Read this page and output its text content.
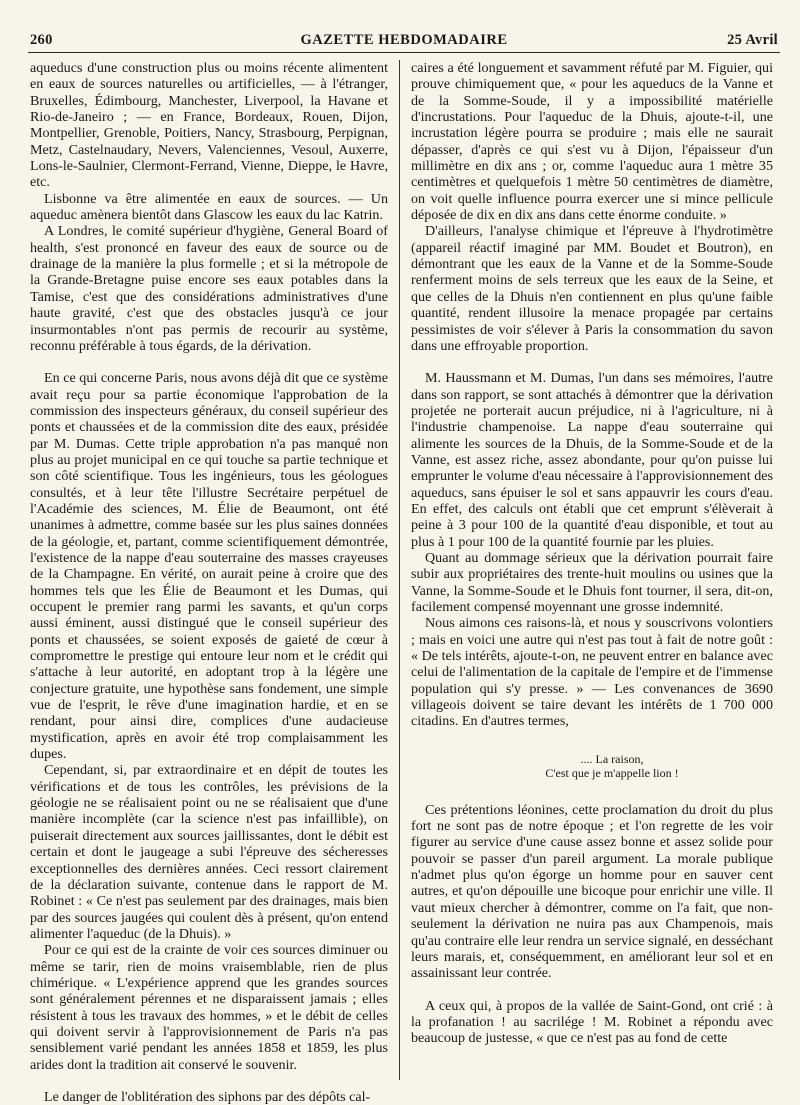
260	GAZETTE HEBDOMADAIRE	25 Avril

aqueducs d'une construction plus ou moins récente alimentent en eaux de sources naturelles ou artificielles, — à l'étranger, Bruxelles, Édimbourg, Manchester, Liverpool, la Havane et Rio-de-Janeiro ; — en France, Bordeaux, Rouen, Dijon, Montpellier, Grenoble, Poitiers, Nancy, Strasbourg, Perpignan, Metz, Castelnaudary, Nevers, Valenciennes, Vesoul, Auxerre, Lons-le-Saulnier, Clermont-Ferrand, Vienne, Dieppe, le Havre, etc.

Lisbonne va être alimentée en eaux de sources. — Un aqueduc amènera bientôt dans Glascow les eaux du lac Katrin.

A Londres, le comité supérieur d'hygiène, General Board of health, s'est prononcé en faveur des eaux de source ou de drainage de la manière la plus formelle ; et si la métropole de la Grande-Bretagne puise encore ses eaux potables dans la Tamise, c'est que des considérations administratives d'une haute gravité, c'est que des obstacles jusqu'à ce jour insurmontables n'ont pas permis de recourir au système, reconnu préférable à tous égards, de la dérivation.

En ce qui concerne Paris, nous avons déjà dit que ce système avait reçu pour sa partie économique l'approbation de la commission des inspecteurs généraux, du conseil supérieur des ponts et chaussées et de la commission dite des eaux, présidée par M. Dumas. Cette triple approbation n'a pas manqué non plus au projet municipal en ce qui touche sa partie technique et son côté scientifique. Tous les ingénieurs, tous les géologues consultés, et à leur tête l'illustre Secrétaire perpétuel de l'Académie des sciences, M. Élie de Beaumont, ont été unanimes à admettre, comme basée sur les plus saines données de la géologie, et, partant, comme scientifiquement démontrée, l'existence de la nappe d'eau souterraine des masses crayeuses de la Champagne. En vérité, on aurait peine à croire que des hommes tels que les Élie de Beaumont et les Dumas, qui occupent le premier rang parmi les savants, et qu'un corps aussi éminent, aussi distingué que le conseil supérieur des ponts et chaussées, se soient exposés de gaieté de cœur à compromettre le prestige qui entoure leur nom et le crédit qui s'attache à leur autorité, en adoptant trop à la légère une conjecture gratuite, une hypothèse sans fondement, une simple vue de l'esprit, le rêve d'une imagination hardie, et en se rendant, pour ainsi dire, complices d'une audacieuse mystification, après en avoir été trop complaisamment les dupes.

Cependant, si, par extraordinaire et en dépit de toutes les vérifications et de tous les contrôles, les prévisions de la géologie ne se réalisaient point ou ne se réalisaient que d'une manière incomplète (car la science n'est pas infaillible), on puiserait directement aux sources jaillissantes, dont le débit est certain et dont le jaugeage a subi l'épreuve des sécheresses exceptionnelles des dernières années. Ceci ressort clairement de la déclaration suivante, contenue dans le rapport de M. Robinet : « Ce n'est pas seulement par des drainages, mais bien par des sources jaugées qui coulent dès à présent, qu'on entend alimenter l'aqueduc (de la Dhuis). »

Pour ce qui est de la crainte de voir ces sources diminuer ou même se tarir, rien de moins vraisemblable, rien de plus chimérique. « L'expérience apprend que les grandes sources sont généralement pérennes et ne disparaissent jamais ; elles résistent à tous les travaux des hommes, » et le débit de celles qui doivent servir à l'approvisionnement de Paris n'a pas sensiblement varié pendant les années 1858 et 1859, les plus arides dont la tradition ait conservé le souvenir.

Le danger de l'oblitération des siphons par des dépôts cal-

caires a été longuement et savamment réfuté par M. Figuier, qui prouve chimiquement que, « pour les aqueducs de la Vanne et de la Somme-Soude, il y a impossibilité matérielle d'incrustations. Pour l'aqueduc de la Dhuis, ajoute-t-il, une incrustation légère pourra se produire ; mais elle ne saurait dépasser, d'après ce qui s'est vu à Dijon, l'épaisseur d'un millimètre en dix ans ; or, comme l'aqueduc aura 1 mètre 35 centimètres et quelquefois 1 mètre 50 centimètres de diamètre, on voit quelle influence pourra exercer une si mince pellicule déposée de dix en dix ans dans cette énorme conduite. »

D'ailleurs, l'analyse chimique et l'épreuve à l'hydrotimètre (appareil réactif imaginé par MM. Boudet et Boutron), en démontrant que les eaux de la Vanne et de la Somme-Soude renferment moins de sels terreux que les eaux de la Seine, et que celles de la Dhuis n'en contiennent en plus qu'une faible quantité, rendent illusoire la menace propagée par certains pessimistes de voir s'élever à Paris la consommation du savon dans une effroyable proportion.

M. Haussmann et M. Dumas, l'un dans ses mémoires, l'autre dans son rapport, se sont attachés à démontrer que la dérivation projetée ne porterait aucun préjudice, ni à l'agriculture, ni à l'industrie champenoise. La nappe d'eau souterraine qui alimente les sources de la Dhuis, de la Somme-Soude et de la Vanne, est assez riche, assez abondante, pour qu'on puisse lui emprunter le volume d'eau nécessaire à l'approvisionnement des aqueducs, sans épuiser le sol et sans appauvrir les cours d'eau. En effet, des calculs ont établi que cet emprunt s'élèverait à peine à 3 pour 100 de la quantité d'eau disponible, et tout au plus à 1 pour 100 de la quantité fournie par les pluies.

Quant au dommage sérieux que la dérivation pourrait faire subir aux propriétaires des trente-huit moulins ou usines que la Vanne, la Somme-Soude et le Dhuis font tourner, il sera, dit-on, facilement compensé moyennant une grosse indemnité.

Nous aimons ces raisons-là, et nous y souscrivons volontiers ; mais en voici une autre qui n'est pas tout à fait de notre goût : « De tels intérêts, ajoute-t-on, ne peuvent entrer en balance avec celui de l'alimentation de la capitale de l'empire et de l'immense population qui s'y presse. » — Les convenances de 3690 villageois doivent se taire devant les intérêts de 1 700 000 citadins. En d'autres termes,

.... La raison,
C'est que je m'appelle lion !

Ces prétentions léonines, cette proclamation du droit du plus fort ne sont pas de notre époque ; et l'on regrette de les voir figurer au service d'une cause assez bonne et assez solide pour pouvoir se passer d'un pareil argument. La morale publique n'admet plus qu'on égorge un homme pour en sauver cent autres, et qu'on dépouille une bicoque pour enrichir une ville. Il vaut mieux chercher à démontrer, comme on l'a fait, que non-seulement la dérivation ne nuira pas aux Champenois, mais qu'au contraire elle leur rendra un service signalé, en desséchant leurs marais, et, conséquemment, en améliorant leur sol et en assainissant leur contrée.

A ceux qui, à propos de la vallée de Saint-Gond, ont crié : à la profanation ! au sacrilége ! M. Robinet a répondu avec beaucoup de justesse, « que ce n'est pas au fond de cette
